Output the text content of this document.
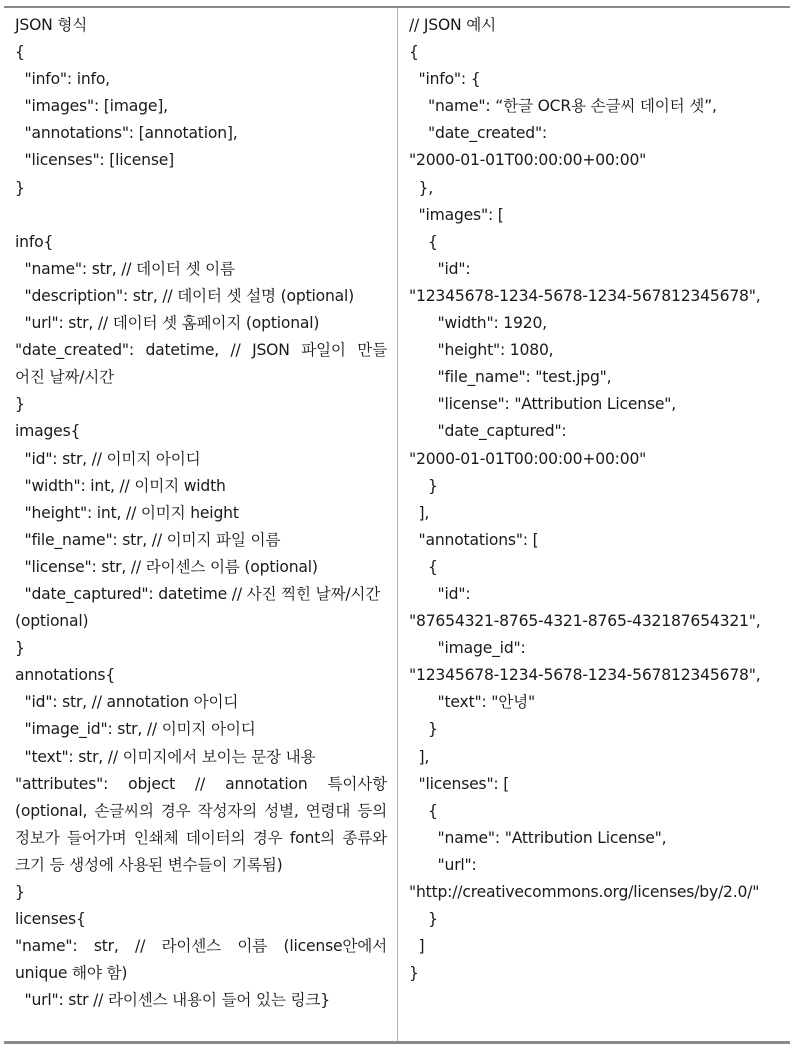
JSON 형식
{
"info": info,
"images": [image],
"annotations": [annotation],
"licenses": [license]
}
info{
"name": str, // 데이터 셋 이름
"description": str, // 데이터 셋 설명 (optional)
"url": str, // 데이터 셋 홈페이지 (optional)
"date_created": datetime, // JSON 파일이 만들
어진 날짜/시간
}
images{
"id": str, // 이미지 아이디
"width": int, // 이미지 width
"height": int, // 이미지 height
"file_name": str, // 이미지 파일 이름
"license": str, // 라이센스 이름 (optional)
"date_captured": datetime // 사진 찍힌 날짜/시간
(optional)
}
annotations{
"id": str, // annotation 아이디
"image_id": str, // 이미지 아이디
"text": str, // 이미지에서 보이는 문장 내용
"attributes": object // annotation 특이사항
(optional, 손글씨의 경우 작성자의 성별, 연령대 등의
정보가 들어가며 인쇄체 데이터의 경우 font의 종류와
크기 등 생성에 사용된 변수들이 기록됨)
}
licenses{
"name": str, // 라이센스 이름 (license안에서
unique 해야 함)
"url": str // 라이센스 내용이 들어 있는 링크}
// JSON 예시
{
"info": {
"name": “한글 OCR용 손글씨 데이터 셋”,
"date_created":
"2000-01-01T00:00:00+00:00"
},
"images": [
{
"id":
"12345678-1234-5678-1234-567812345678",
"width": 1920,
"height": 1080,
"file_name": "test.jpg",
"license": "Attribution License",
"date_captured":
"2000-01-01T00:00:00+00:00"
}
],
"annotations": [
{
"id":
"87654321-8765-4321-8765-432187654321",
"image_id":
"12345678-1234-5678-1234-567812345678",
"text": "안녕"
}
],
"licenses": [
{
"name": "Attribution License",
"url":
"http://creativecommons.org/licenses/by/2.0/"
}
]
}
